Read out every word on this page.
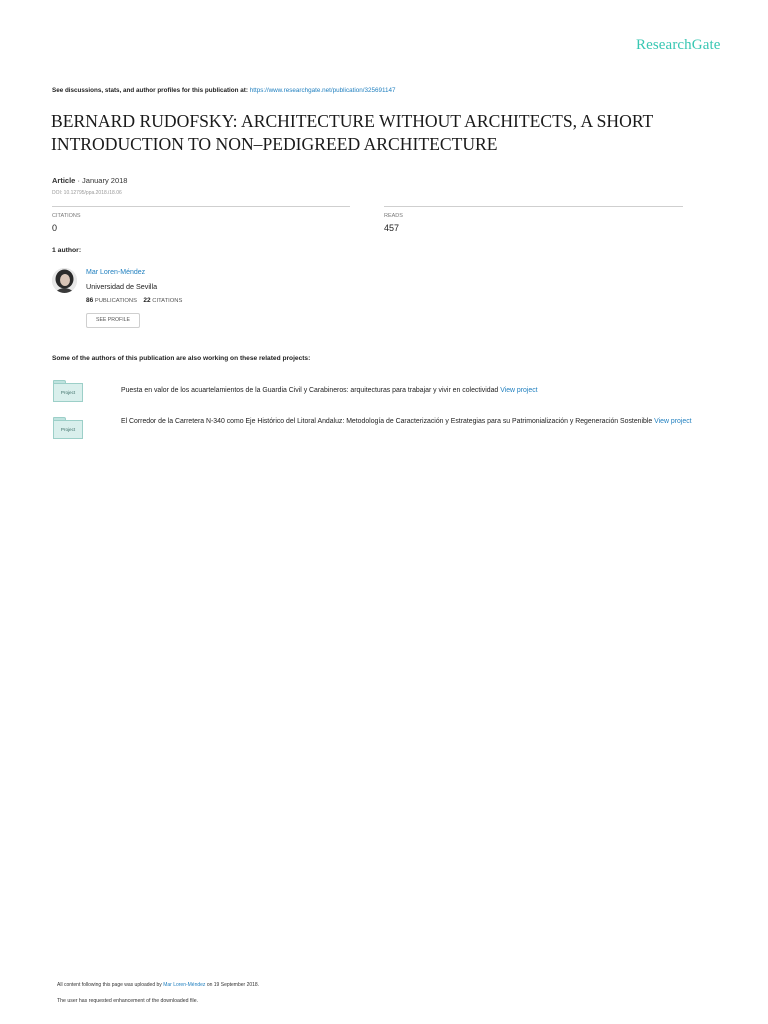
ResearchGate
See discussions, stats, and author profiles for this publication at: https://www.researchgate.net/publication/325691147
BERNARD RUDOFSKY: ARCHITECTURE WITHOUT ARCHITECTS, A SHORT INTRODUCTION TO NON–PEDIGREED ARCHITECTURE
Article · January 2018
DOI: 10.12795/ppa.2018.i18.06
CITATIONS
0
READS
457
1 author:
Mar Loren-Méndez
Universidad de Sevilla
86 PUBLICATIONS 22 CITATIONS
SEE PROFILE
Some of the authors of this publication are also working on these related projects:
Project	Puesta en valor de los acuartelamientos de la Guardia Civil y Carabineros: arquitecturas para trabajar y vivir en colectividad View project
Project
El Corredor de la Carretera N-340 como Eje Histórico del Litoral Andaluz: Metodología de Caracterización y Estrategias para su Patrimonialización y Regeneración Sostenible View project
All content following this page was uploaded by Mar Loren-Méndez on 19 September 2018.
The user has requested enhancement of the downloaded file.
